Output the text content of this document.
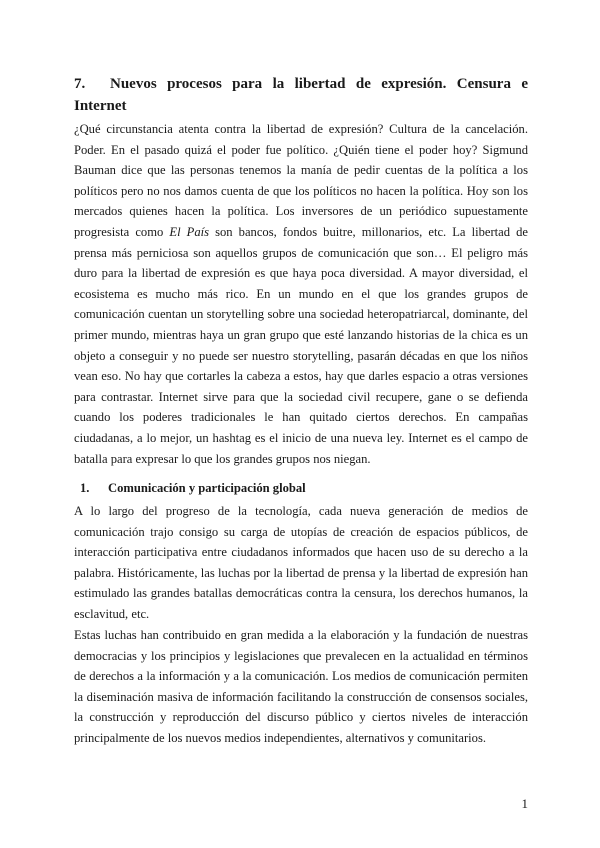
7. Nuevos procesos para la libertad de expresión. Censura e Internet

¿Qué circunstancia atenta contra la libertad de expresión? Cultura de la cancelación. Poder. En el pasado quizá el poder fue político. ¿Quién tiene el poder hoy? Sigmund Bauman dice que las personas tenemos la manía de pedir cuentas de la política a los políticos pero no nos damos cuenta de que los políticos no hacen la política. Hoy son los mercados quienes hacen la política. Los inversores de un periódico supuestamente progresista como El País son bancos, fondos buitre, millonarios, etc. La libertad de prensa más perniciosa son aquellos grupos de comunicación que son… El peligro más duro para la libertad de expresión es que haya poca diversidad. A mayor diversidad, el ecosistema es mucho más rico. En un mundo en el que los grandes grupos de comunicación cuentan un storytelling sobre una sociedad heteropatriarcal, dominante, del primer mundo, mientras haya un gran grupo que esté lanzando historias de la chica es un objeto a conseguir y no puede ser nuestro storytelling, pasarán décadas en que los niños vean eso. No hay que cortarles la cabeza a estos, hay que darles espacio a otras versiones para contrastar. Internet sirve para que la sociedad civil recupere, gane o se defienda cuando los poderes tradicionales le han quitado ciertos derechos. En campañas ciudadanas, a lo mejor, un hashtag es el inicio de una nueva ley. Internet es el campo de batalla para expresar lo que los grandes grupos nos niegan.

1. Comunicación y participación global

A lo largo del progreso de la tecnología, cada nueva generación de medios de comunicación trajo consigo su carga de utopías de creación de espacios públicos, de interacción participativa entre ciudadanos informados que hacen uso de su derecho a la palabra. Históricamente, las luchas por la libertad de prensa y la libertad de expresión han estimulado las grandes batallas democráticas contra la censura, los derechos humanos, la esclavitud, etc.

Estas luchas han contribuido en gran medida a la elaboración y la fundación de nuestras democracias y los principios y legislaciones que prevalecen en la actualidad en términos de derechos a la información y a la comunicación. Los medios de comunicación permiten la diseminación masiva de información facilitando la construcción de consensos sociales, la construcción y reproducción del discurso público y ciertos niveles de interacción principalmente de los nuevos medios independientes, alternativos y comunitarios.

1
